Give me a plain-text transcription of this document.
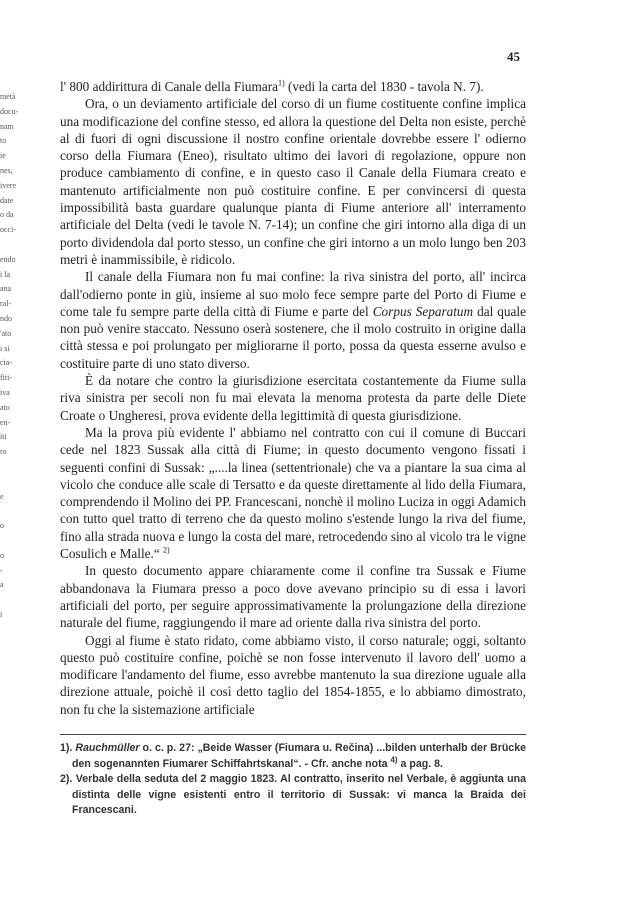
45
metà
docu-
nam
to
ie
nes,
ivere
date
o da
occi-

endo
i la
ana
ral-
ndo
'ato
i si
cia-
fiti-
iva
ato
en-
iti
ro

e

o

o
-
a

i

l' 800 addirittura di Canale della Fiumara$^{1)}$ (vedi la carta del 1830 - tavola N. 7).

Ora, o un deviamento artificiale del corso di un fiume costituente confine implica una modificazione del confine stesso, ed allora la questione del Delta non esiste, perchè al di fuori di ogni discussione il nostro confine orientale dovrebbe essere l' odierno corso della Fiumara (Eneo), risultato ultimo dei lavori di regolazione, oppure non produce cambiamento di confine, e in questo caso il Canale della Fiumara creato e mantenuto artificialmente non può costituire confine. E per convincersi di questa impossibilità basta guardare qualunque pianta di Fiume anteriore all' interramento artificiale del Delta (vedi le tavole N. 7-14); un confine che giri intorno alla diga di un porto dividendola dal porto stesso, un confine che giri intorno a un molo lungo ben 203 metri è inammissibile, è ridicolo.

Il canale della Fiumara non fu mai confine: la riva sinistra del porto, all' incirca dall'odierno ponte in giù, insieme al suo molo fece sempre parte del Porto di Fiume e come tale fu sempre parte della città di Fiume e parte del Corpus Separatum dal quale non può venire staccato. Nessuno oserà sostenere, che il molo costruito in origine dalla città stessa e poi prolungato per migliorarne il porto, possa da questa esserne avulso e costituire parte di uno stato diverso.

È da notare che contro la giurisdizione esercitata costantemente da Fiume sulla riva sinistra per secoli non fu mai elevata la menoma protesta da parte delle Diete Croate o Ungheresi, prova evidente della legittimità di questa giurisdizione.

Ma la prova più evidente l' abbiamo nel contratto con cui il comune di Buccari cede nel 1823 Sussak alla città di Fiume; in questo documento vengono fissati i seguenti confini di Sussak: „....la linea (settentrionale) che va a piantare la sua cima al vicolo che conduce alle scale di Tersatto e da queste direttamente al lido della Fiumara, comprendendo il Molino dei PP. Francescani, nonchè il molino Luciza in oggi Adamich con tutto quel tratto di terreno che da questo molino s'estende lungo la riva del fiume, fino alla strada nuova e lungo la costa del mare, retrocedendo sino al vicolo tra le vigne Cosulich e Malle.“ $^{2)}$

In questo documento appare chiaramente come il confine tra Sussak e Fiume abbandonava la Fiumara presso a poco dove avevano principio su di essa i lavori artificiali del porto, per seguire approssimativamente la prolungazione della direzione naturale del fiume, raggiungendo il mare ad oriente dalla riva sinistra del porto.

Oggi al fiume è stato ridato, come abbiamo visto, il corso naturale; oggi, soltanto questo può costituire confine, poichè se non fosse intervenuto il lavoro dell' uomo a modificare l'andamento del fiume, esso avrebbe mantenuto la sua direzione uguale alla direzione attuale, poichè il così detto taglio del 1854-1855, e lo abbiamo dimostrato, non fu che la sistemazione artificiale

1). Rauchmüller o. c. p. 27: „Beide Wasser (Fiumara u. Rečina) ...bilden unterhalb der Brücke den sogenannten Fiumarer Schiffahrtskanal“. - Cfr. anche nota $^{4)}$ a pag. 8.

2). Verbale della seduta del 2 maggio 1823. Al contratto, inserito nel Verbale, è aggiunta una distinta delle vigne esistenti entro il territorio di Sussak: vi manca la Braida dei Francescani.
